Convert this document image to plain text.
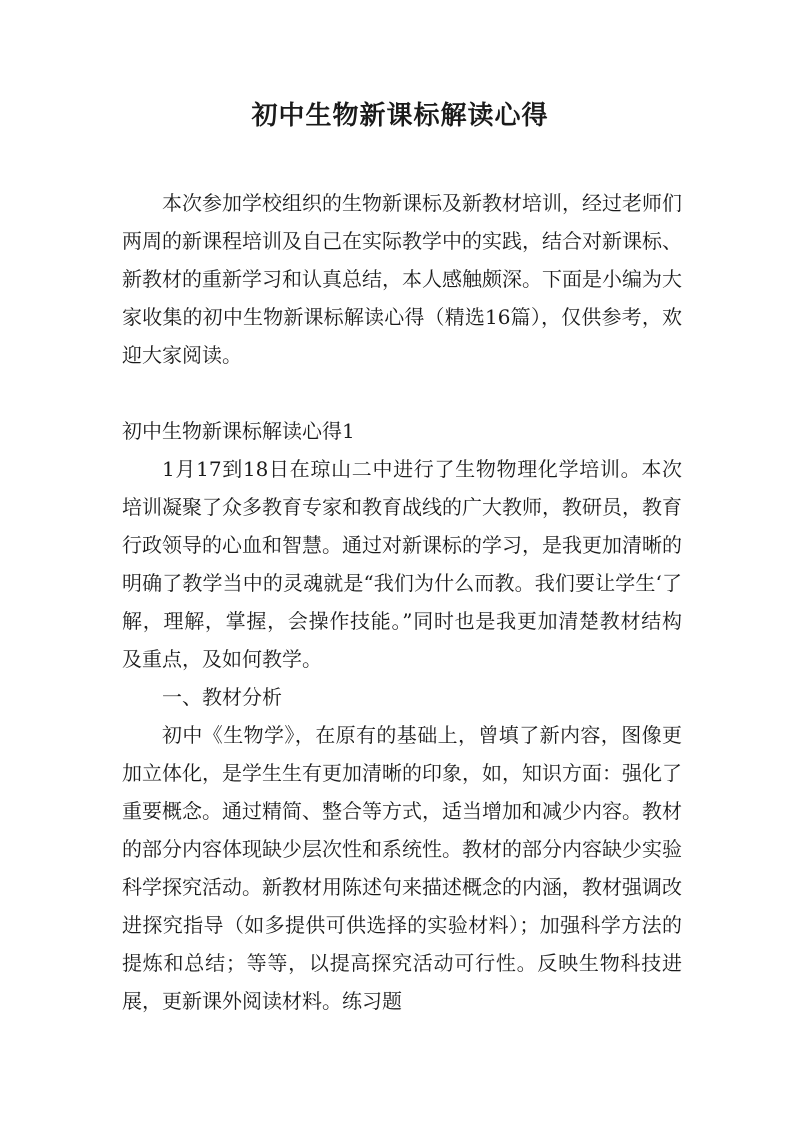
初中生物新课标解读心得

本次参加学校组织的生物新课标及新教材培训，经过老师们两周的新课程培训及自己在实际教学中的实践，结合对新课标、新教材的重新学习和认真总结，本人感触颇深。下面是小编为大家收集的初中生物新课标解读心得（精选16篇），仅供参考，欢迎大家阅读。

初中生物新课标解读心得1

1月17到18日在琼山二中进行了生物物理化学培训。本次培训凝聚了众多教育专家和教育战线的广大教师，教研员，教育行政领导的心血和智慧。通过对新课标的学习，是我更加清晰的明确了教学当中的灵魂就是“我们为什么而教。我们要让学生‘了解，理解，掌握，会操作技能。”同时也是我更加清楚教材结构及重点，及如何教学。

一、教材分析

初中《生物学》，在原有的基础上，曾填了新内容，图像更加立体化，是学生生有更加清晰的印象，如，知识方面：强化了重要概念。通过精简、整合等方式，适当增加和减少内容。教材的部分内容体现缺少层次性和系统性。教材的部分内容缺少实验科学探究活动。新教材用陈述句来描述概念的内涵，教材强调改进探究指导（如多提供可供选择的实验材料）；加强科学方法的提炼和总结；等等，以提高探究活动可行性。反映生物科技进展，更新课外阅读材料。练习题
